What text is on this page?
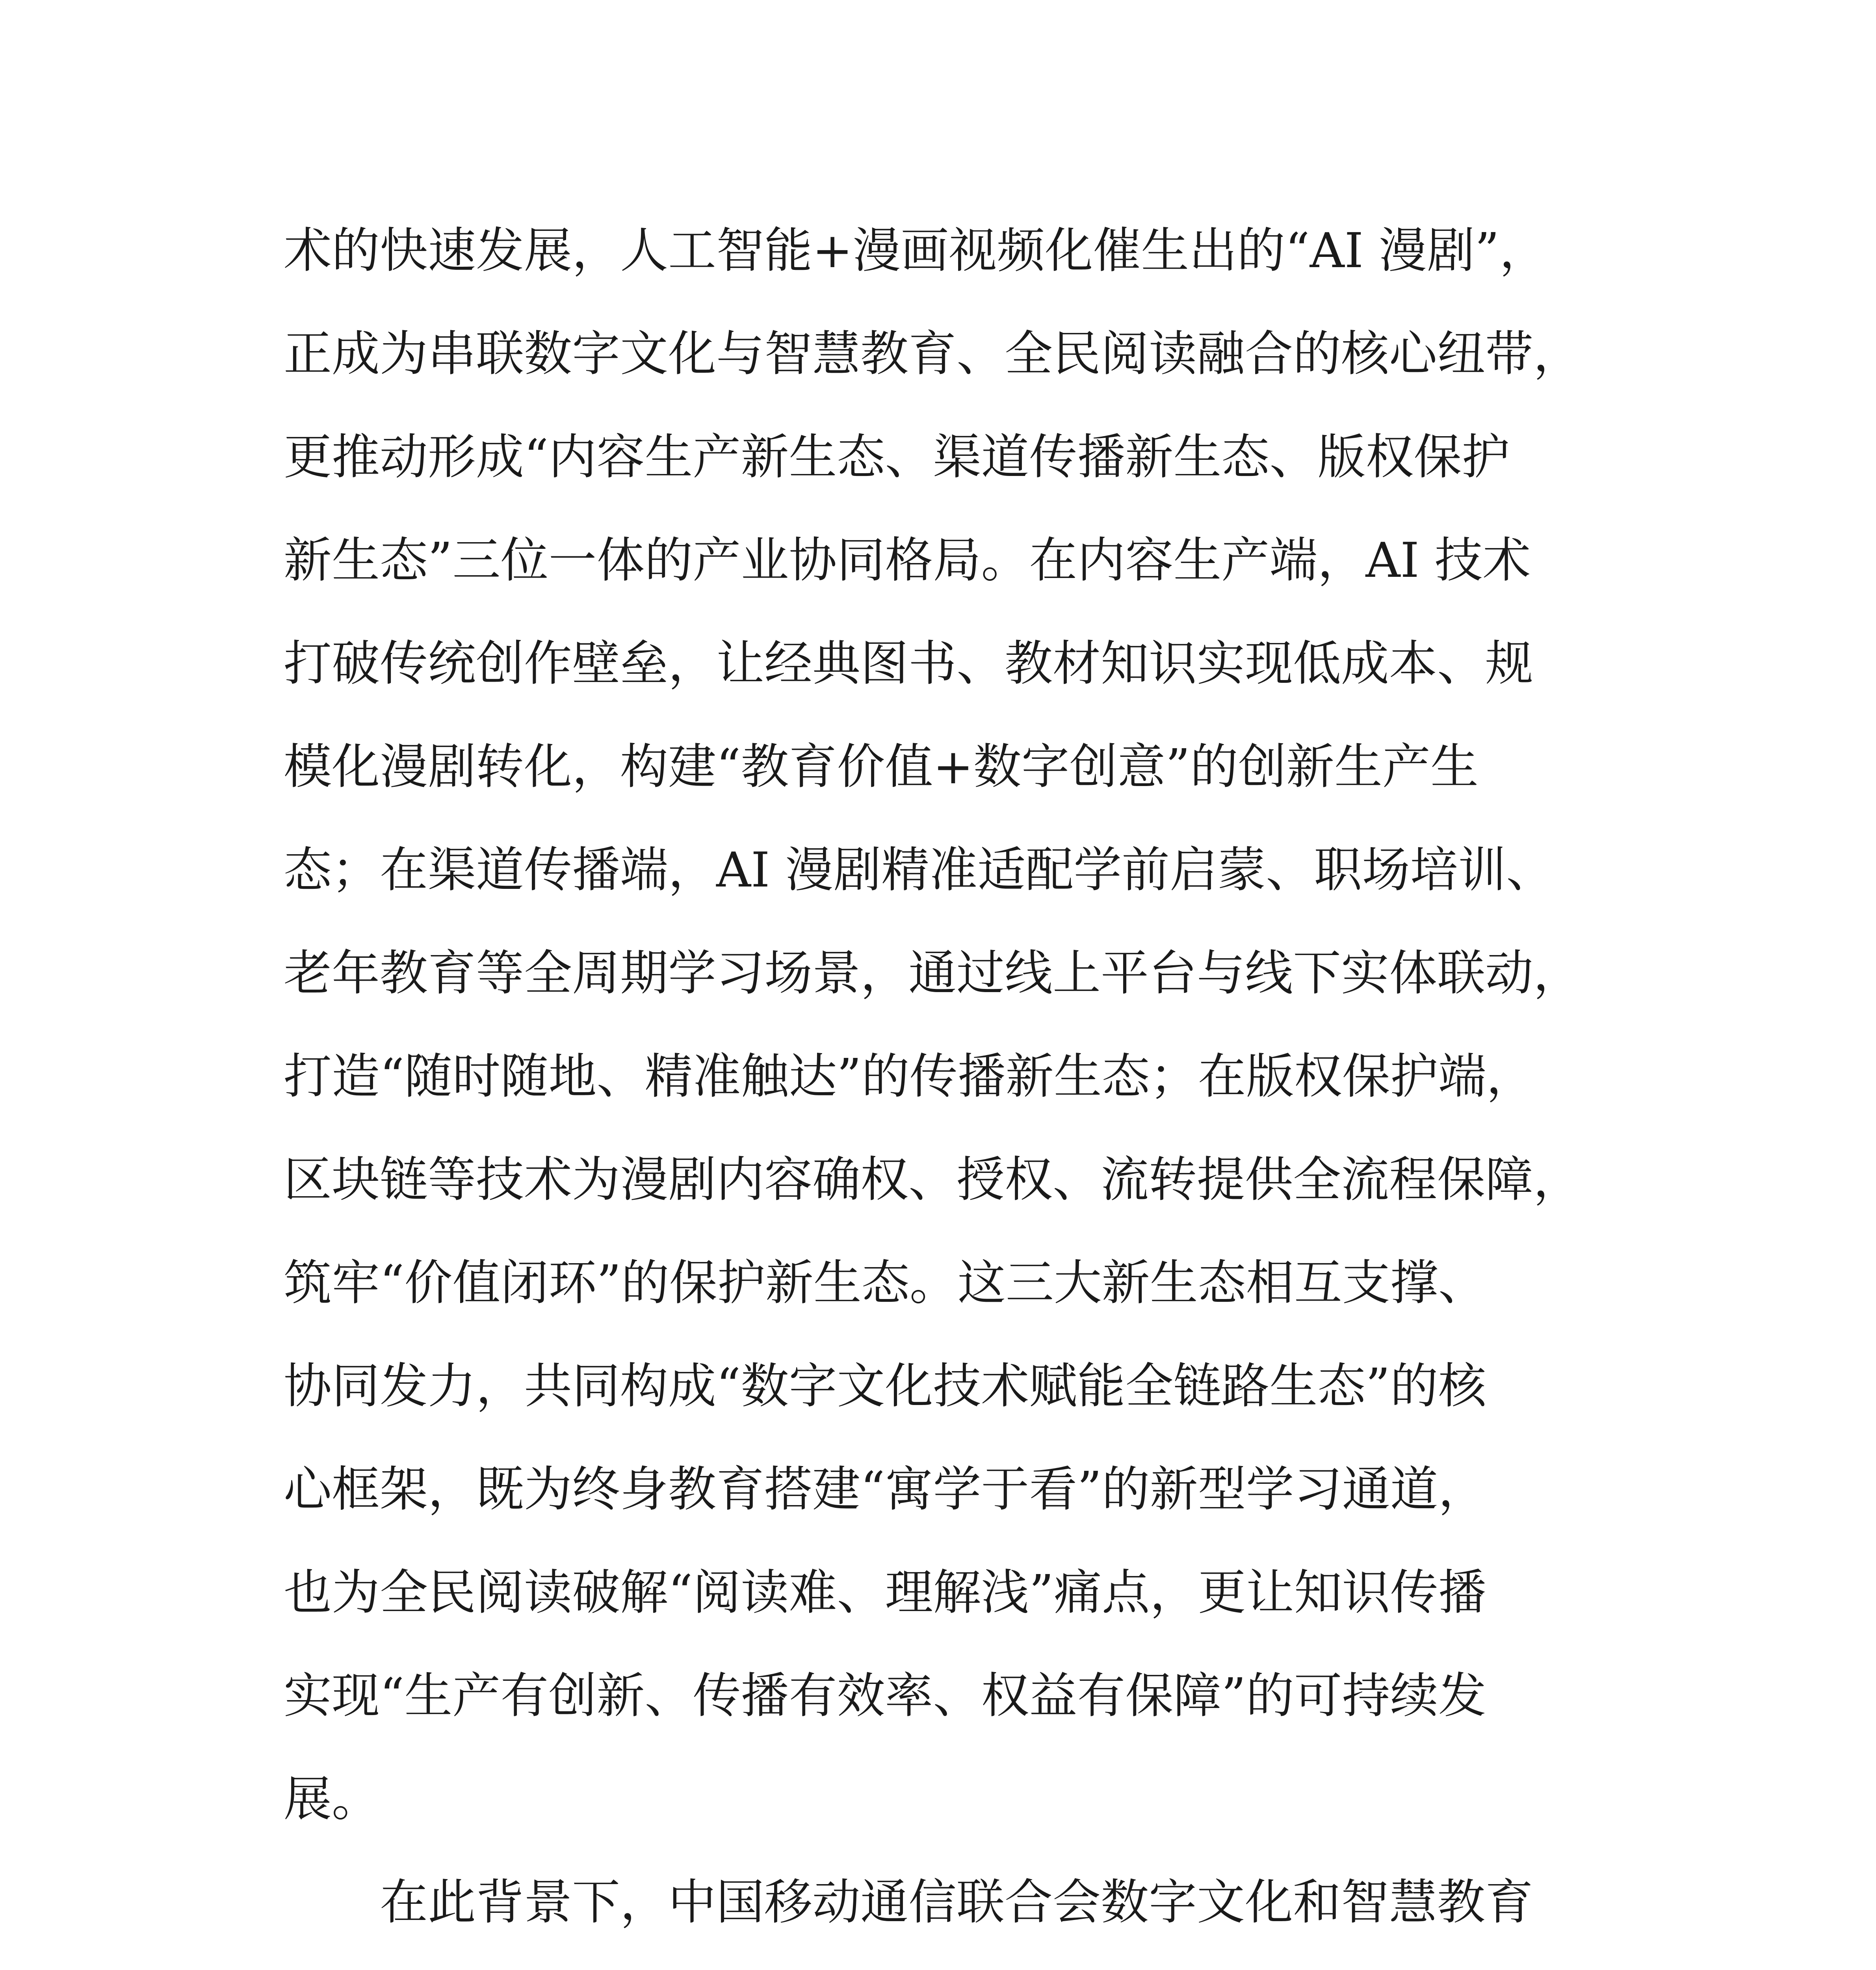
术的快速发展，人工智能+漫画视频化催生出的“AI 漫剧”，
正成为串联数字文化与智慧教育、全民阅读融合的核心纽带，
更推动形成“内容生产新生态、渠道传播新生态、版权保护
新生态”三位一体的产业协同格局。在内容生产端，AI 技术
打破传统创作壁垒，让经典图书、教材知识实现低成本、规
模化漫剧转化，构建“教育价值+数字创意”的创新生产生
态；在渠道传播端，AI 漫剧精准适配学前启蒙、职场培训、
老年教育等全周期学习场景，通过线上平台与线下实体联动，
打造“随时随地、精准触达”的传播新生态；在版权保护端，
区块链等技术为漫剧内容确权、授权、流转提供全流程保障，
筑牢“价值闭环”的保护新生态。这三大新生态相互支撑、
协同发力，共同构成“数字文化技术赋能全链路生态”的核
心框架，既为终身教育搭建“寓学于看”的新型学习通道，
也为全民阅读破解“阅读难、理解浅”痛点，更让知识传播
实现“生产有创新、传播有效率、权益有保障”的可持续发
展。
在此背景下，中国移动通信联合会数字文化和智慧教育
